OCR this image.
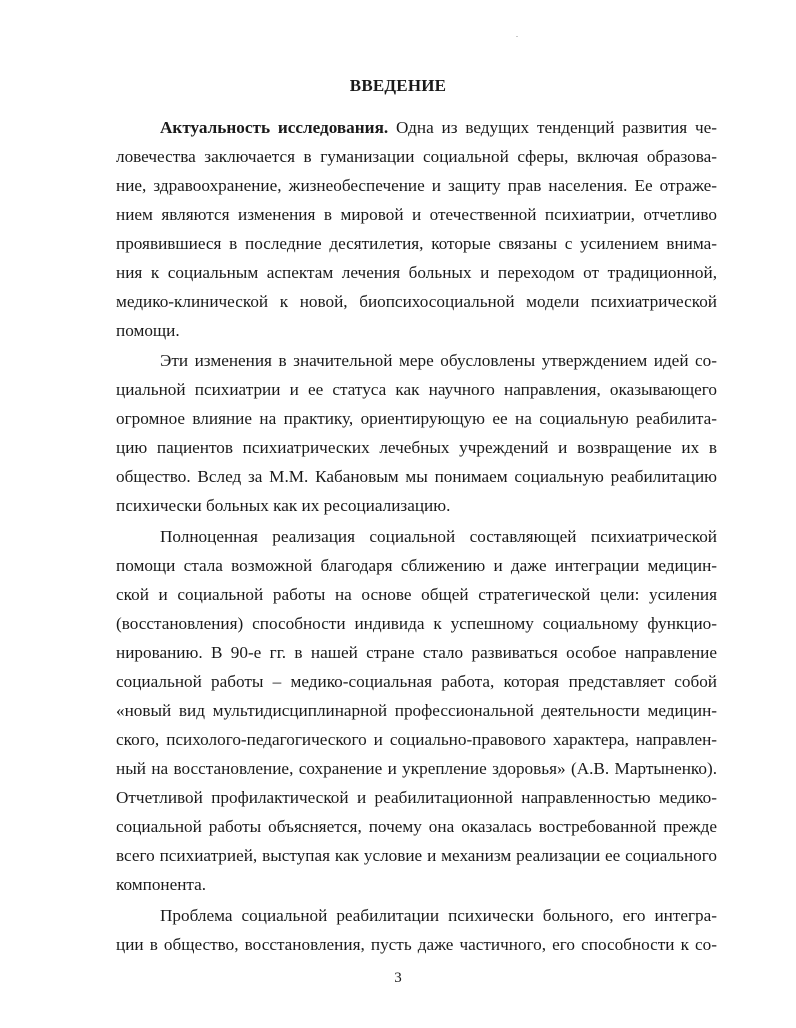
ВВЕДЕНИЕ
Актуальность исследования. Одна из ведущих тенденций развития че-
ловечества заключается в гуманизации социальной сферы, включая образова-
ние, здравоохранение, жизнеобеспечение и защиту прав населения. Ее отраже-
нием являются изменения в мировой и отечественной психиатрии, отчетливо
проявившиеся в последние десятилетия, которые связаны с усилением внима-
ния к социальным аспектам лечения больных и переходом от традиционной,
медико-клинической к новой, биопсихосоциальной модели психиатрической
помощи.
Эти изменения в значительной мере обусловлены утверждением идей со-
циальной психиатрии и ее статуса как научного направления, оказывающего
огромное влияние на практику, ориентирующую ее на социальную реабилита-
цию пациентов психиатрических лечебных учреждений и возвращение их в
общество. Вслед за М.М. Кабановым мы понимаем социальную реабилитацию
психически больных как их ресоциализацию.
Полноценная реализация социальной составляющей психиатрической
помощи стала возможной благодаря сближению и даже интеграции медицин-
ской и социальной работы на основе общей стратегической цели: усиления
(восстановления) способности индивида к успешному социальному функцио-
нированию. В 90-е гг. в нашей стране стало развиваться особое направление
социальной работы – медико-социальная работа, которая представляет собой
«новый вид мультидисциплинарной профессиональной деятельности медицин-
ского, психолого-педагогического и социально-правового характера, направлен-
ный на восстановление, сохранение и укрепление здоровья» (А.В. Мартыненко).
Отчетливой профилактической и реабилитационной направленностью медико-
социальной работы объясняется, почему она оказалась востребованной прежде
всего психиатрией, выступая как условие и механизм реализации ее социального
компонента.
Проблема социальной реабилитации психически больного, его интегра-
ции в общество, восстановления, пусть даже частичного, его способности к со-
3
